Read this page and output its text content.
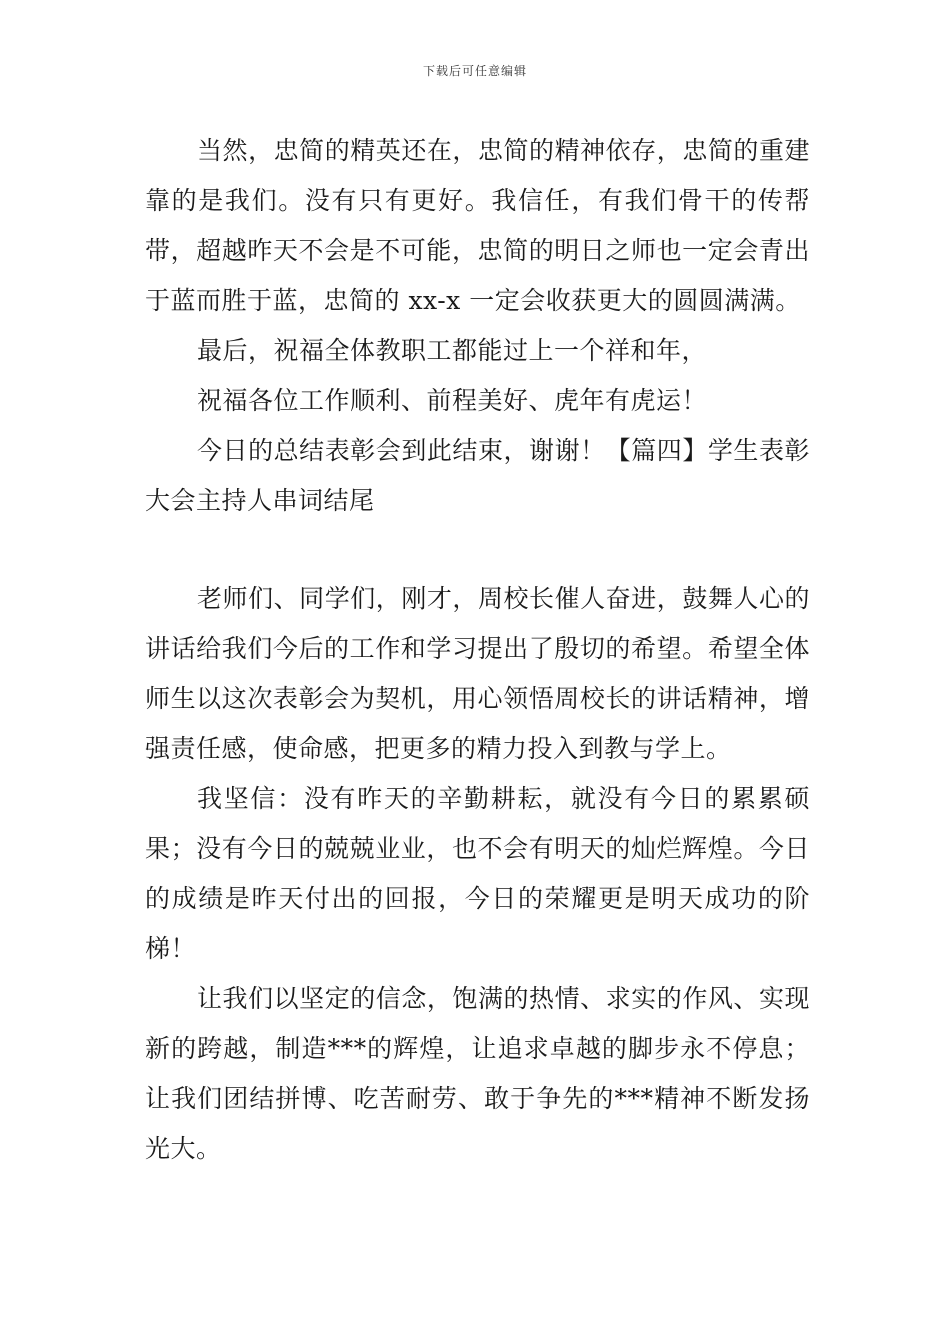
下载后可任意编辑

当然，忠简的精英还在，忠简的精神依存，忠简的重建靠的是我们。没有只有更好。我信任，有我们骨干的传帮带，超越昨天不会是不可能，忠简的明日之师也一定会青出于蓝而胜于蓝，忠简的 xx-x 一定会收获更大的圆圆满满。

最后，祝福全体教职工都能过上一个祥和年，

祝福各位工作顺利、前程美好、虎年有虎运！

今日的总结表彰会到此结束，谢谢！【篇四】学生表彰大会主持人串词结尾

老师们、同学们，刚才，周校长催人奋进，鼓舞人心的讲话给我们今后的工作和学习提出了殷切的希望。希望全体师生以这次表彰会为契机，用心领悟周校长的讲话精神，增强责任感，使命感，把更多的精力投入到教与学上。

我坚信：没有昨天的辛勤耕耘，就没有今日的累累硕果；没有今日的兢兢业业，也不会有明天的灿烂辉煌。今日的成绩是昨天付出的回报，今日的荣耀更是明天成功的阶梯！

让我们以坚定的信念，饱满的热情、求实的作风、实现新的跨越，制造***的辉煌，让追求卓越的脚步永不停息；让我们团结拼博、吃苦耐劳、敢于争先的***精神不断发扬光大。
